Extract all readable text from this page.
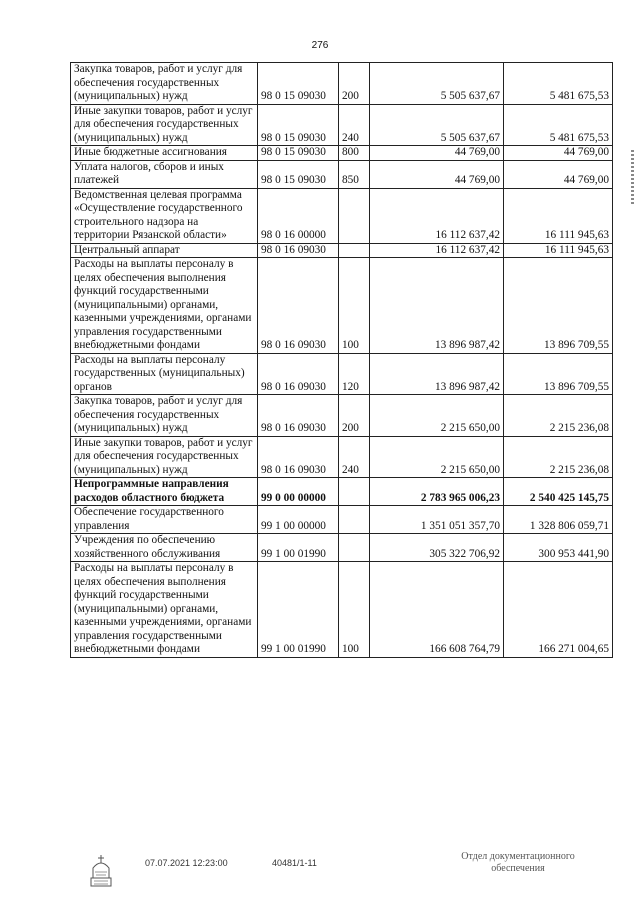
276
Закупка товаров, работ и услуг для обеспечения государственных (муниципальных) нужд	98 0 15 09030	200	5 505 637,67	5 481 675,53
Иные закупки товаров, работ и услуг для обеспечения государственных (муниципальных) нужд	98 0 15 09030	240	5 505 637,67	5 481 675,53
Иные бюджетные ассигнования	98 0 15 09030	800	44 769,00	44 769,00
Уплата налогов, сборов и иных платежей	98 0 15 09030	850	44 769,00	44 769,00
Ведомственная целевая программа «Осуществление государственного строительного надзора на территории Рязанской области»	98 0 16 00000		16 112 637,42	16 111 945,63
Центральный аппарат	98 0 16 09030		16 112 637,42	16 111 945,63
Расходы на выплаты персоналу в целях обеспечения выполнения функций государственными (муниципальными) органами, казенными учреждениями, органами управления государственными внебюджетными фондами	98 0 16 09030	100	13 896 987,42	13 896 709,55
Расходы на выплаты персоналу государственных (муниципальных) органов	98 0 16 09030	120	13 896 987,42	13 896 709,55
Закупка товаров, работ и услуг для обеспечения государственных (муниципальных) нужд	98 0 16 09030	200	2 215 650,00	2 215 236,08
Иные закупки товаров, работ и услуг для обеспечения государственных (муниципальных) нужд	98 0 16 09030	240	2 215 650,00	2 215 236,08
Непрограммные направления расходов областного бюджета	99 0 00 00000		2 783 965 006,23	2 540 425 145,75
Обеспечение государственного управления	99 1 00 00000		1 351 051 357,70	1 328 806 059,71
Учреждения по обеспечению хозяйственного обслуживания	99 1 00 01990		305 322 706,92	300 953 441,90
Расходы на выплаты персоналу в целях обеспечения выполнения функций государственными (муниципальными) органами, казенными учреждениями, органами управления государственными внебюджетными фондами	99 1 00 01990	100	166 608 764,79	166 271 004,65
07.07.2021 12:23:00	40481/1-11
Отдел документационного
обеспечения
